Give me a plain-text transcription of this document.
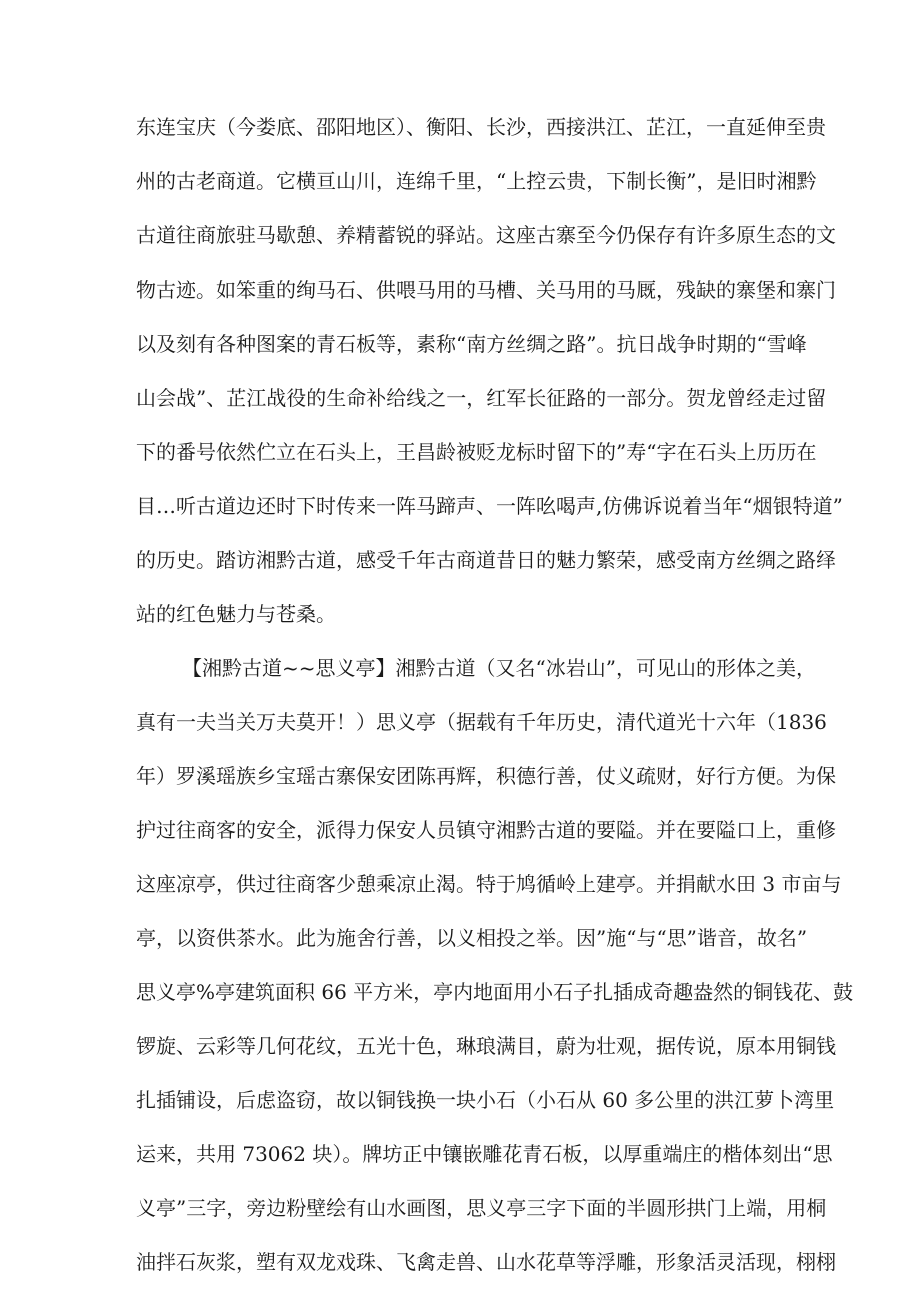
东连宝庆（今娄底、邵阳地区）、衡阳、长沙，西接洪江、芷江，一直延伸至贵
州的古老商道。它横亘山川，连绵千里，“上控云贵，下制长衡”，是旧时湘黔
古道往商旅驻马歇憩、养精蓄锐的驿站。这座古寨至今仍保存有许多原生态的文
物古迹。如笨重的绚马石、供喂马用的马槽、关马用的马厩，残缺的寨堡和寨门
以及刻有各种图案的青石板等，素称“南方丝绸之路”。抗日战争时期的“雪峰
山会战”、芷江战役的生命补给线之一，红军长征路的一部分。贺龙曾经走过留
下的番号依然伫立在石头上，王昌龄被贬龙标时留下的”寿“字在石头上历历在
目…听古道边还时下时传来一阵马蹄声、一阵吆喝声,仿佛诉说着当年“烟银特道”
的历史。踏访湘黔古道，感受千年古商道昔日的魅力繁荣，感受南方丝绸之路绎
站的红色魅力与苍桑。
【湘黔古道~~思义亭】湘黔古道（又名“冰岩山”，可见山的形体之美，
真有一夫当关万夫莫开！）思义亭（据载有千年历史，清代道光十六年（1836
年）罗溪瑶族乡宝瑶古寨保安团陈再辉，积德行善，仗义疏财，好行方便。为保
护过往商客的安全，派得力保安人员镇守湘黔古道的要隘。并在要隘口上，重修
这座凉亭，供过往商客少憩乘凉止渴。特于鸠循岭上建亭。并捐献水田 3 市亩与
亭，以资供茶水。此为施舍行善，以义相投之举。因”施“与“思”谐音，故名”
思义亭%亭建筑面积 66 平方米，亭内地面用小石子扎插成奇趣盎然的铜钱花、鼓
锣旋、云彩等几何花纹，五光十色，琳琅满目，蔚为壮观，据传说，原本用铜钱
扎插铺设，后虑盗窃，故以铜钱换一块小石（小石从 60 多公里的洪江萝卜湾里
运来，共用 73062 块）。牌坊正中镶嵌雕花青石板，以厚重端庄的楷体刻出“思
义亭”三字，旁边粉壁绘有山水画图，思义亭三字下面的半圆形拱门上端，用桐
油拌石灰浆，塑有双龙戏珠、飞禽走兽、山水花草等浮雕，形象活灵活现，栩栩
